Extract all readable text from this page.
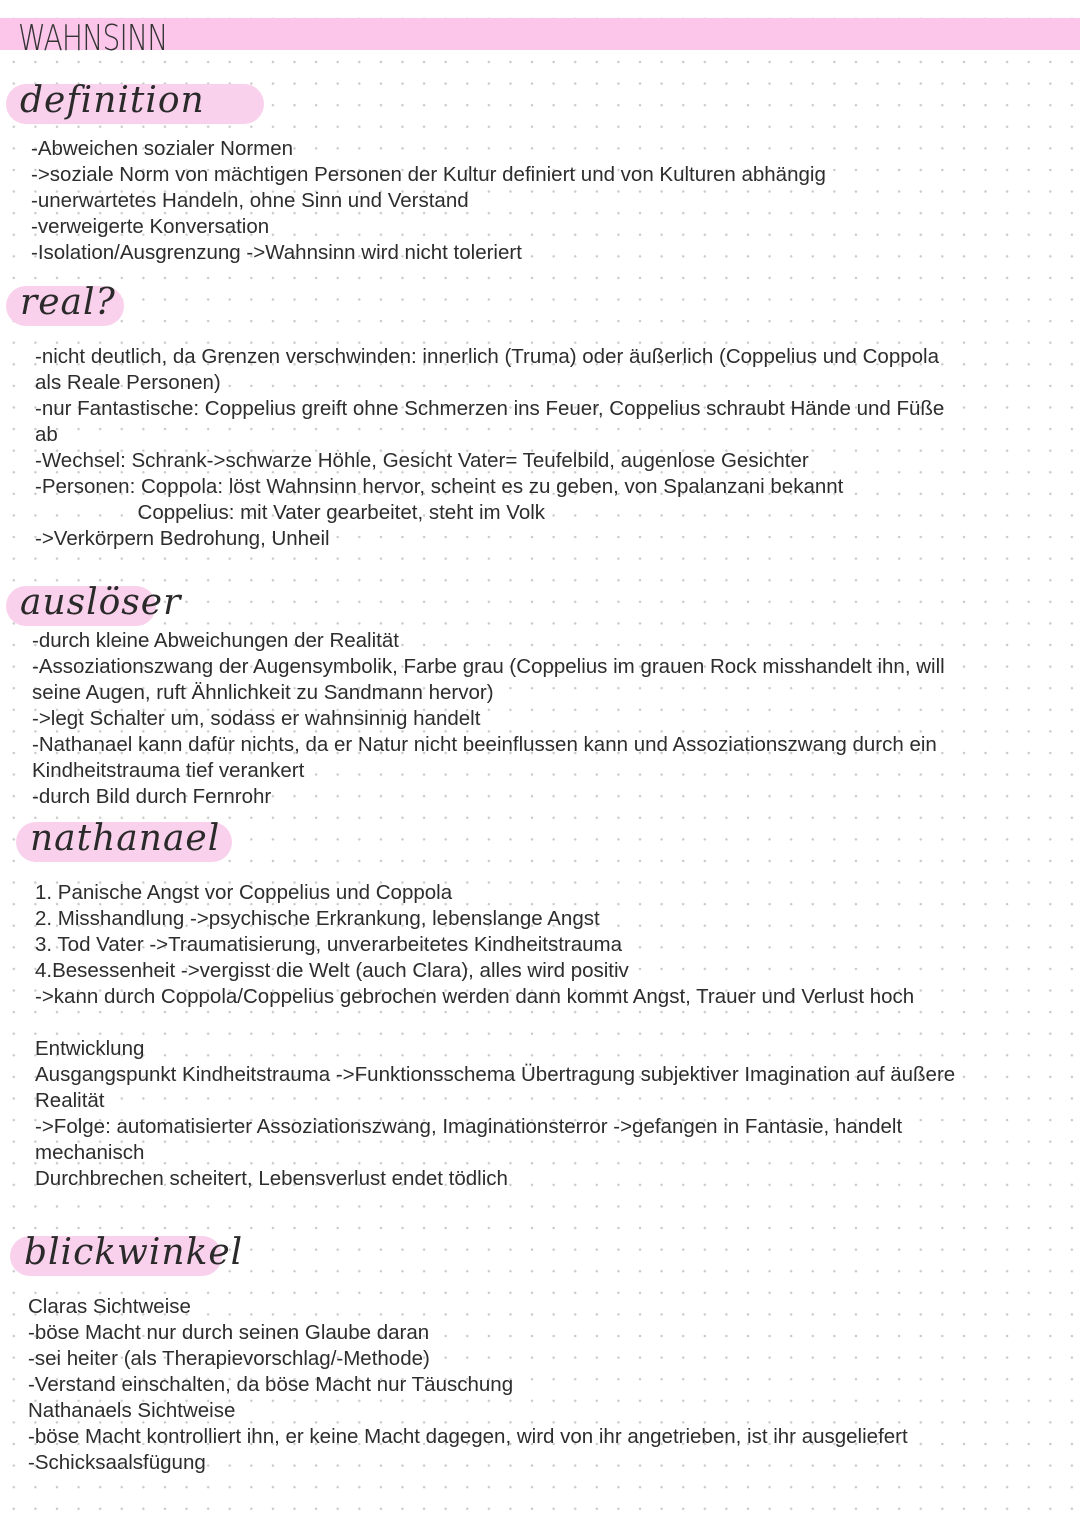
WAHNSINN
definition
-Abweichen sozialer Normen
->soziale Norm von mächtigen Personen der Kultur definiert und von Kulturen abhängig
-unerwartetes Handeln, ohne Sinn und Verstand
-verweigerte Konversation
-Isolation/Ausgrenzung ->Wahnsinn wird nicht toleriert
real?
-nicht deutlich, da Grenzen verschwinden: innerlich (Truma) oder äußerlich (Coppelius und Coppola
als Reale Personen)
-nur Fantastische: Coppelius greift ohne Schmerzen ins Feuer, Coppelius schraubt Hände und Füße
ab
-Wechsel: Schrank->schwarze Höhle, Gesicht Vater= Teufelbild, augenlose Gesichter
-Personen: Coppola: löst Wahnsinn hervor, scheint es zu geben, von Spalanzani bekannt
Coppelius: mit Vater gearbeitet, steht im Volk
->Verkörpern Bedrohung, Unheil
auslöser
-durch kleine Abweichungen der Realität
-Assoziationszwang der Augensymbolik, Farbe grau (Coppelius im grauen Rock misshandelt ihn, will
seine Augen, ruft Ähnlichkeit zu Sandmann hervor)
->legt Schalter um, sodass er wahnsinnig handelt
-Nathanael kann dafür nichts, da er Natur nicht beeinflussen kann und Assoziationszwang durch ein
Kindheitstrauma tief verankert
-durch Bild durch Fernrohr
nathanael
1. Panische Angst vor Coppelius und Coppola
2. Misshandlung ->psychische Erkrankung, lebenslange Angst
3. Tod Vater ->Traumatisierung, unverarbeitetes Kindheitstrauma
4.Besessenheit ->vergisst die Welt (auch Clara), alles wird positiv
->kann durch Coppola/Coppelius gebrochen werden dann kommt Angst, Trauer und Verlust hoch
Entwicklung
Ausgangspunkt Kindheitstrauma ->Funktionsschema Übertragung subjektiver Imagination auf äußere
Realität
->Folge: automatisierter Assoziationszwang, Imaginationsterror ->gefangen in Fantasie, handelt
mechanisch
Durchbrechen scheitert, Lebensverlust endet tödlich
blickwinkel
Claras Sichtweise
-böse Macht nur durch seinen Glaube daran
-sei heiter (als Therapievorschlag/-Methode)
-Verstand einschalten, da böse Macht nur Täuschung
Nathanaels Sichtweise
-böse Macht kontrolliert ihn, er keine Macht dagegen, wird von ihr angetrieben, ist ihr ausgeliefert
-Schicksaalsfügung
